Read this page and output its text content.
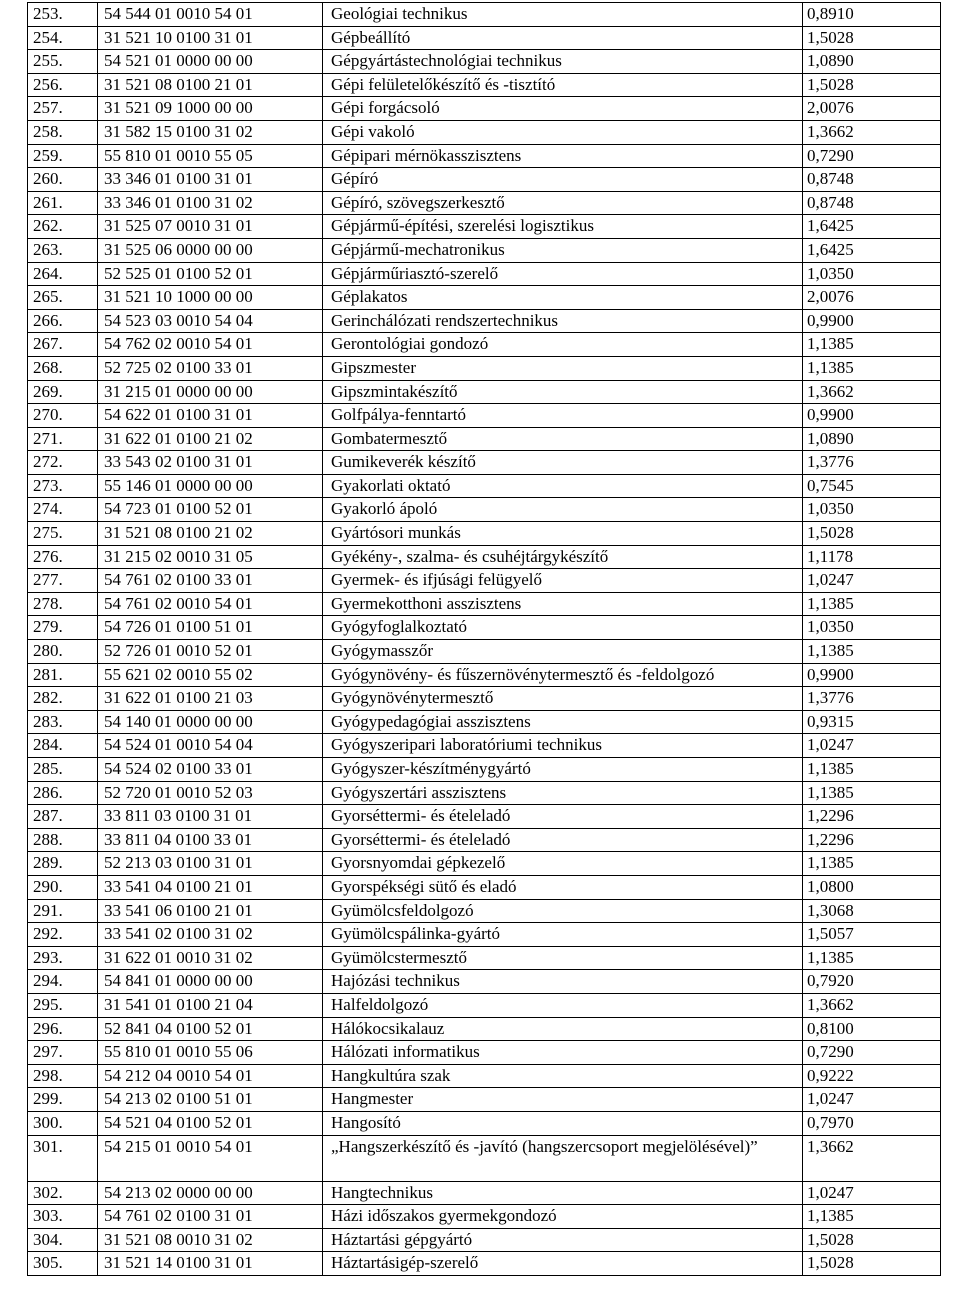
253.	54 544 01 0010 54 01	Geológiai technikus	0,8910
254.	31 521 10 0100 31 01	Gépbeállító	1,5028
255.	54 521 01 0000 00 00	Gépgyártástechnológiai technikus	1,0890
256.	31 521 08 0100 21 01	Gépi felületelőkészítő és -tisztító	1,5028
257.	31 521 09 1000 00 00	Gépi forgácsoló	2,0076
258.	31 582 15 0100 31 02	Gépi vakoló	1,3662
259.	55 810 01 0010 55 05	Gépipari mérnökasszisztens	0,7290
260.	33 346 01 0100 31 01	Gépíró	0,8748
261.	33 346 01 0100 31 02	Gépíró, szövegszerkesztő	0,8748
262.	31 525 07 0010 31 01	Gépjármű-építési, szerelési logisztikus	1,6425
263.	31 525 06 0000 00 00	Gépjármű-mechatronikus	1,6425
264.	52 525 01 0100 52 01	Gépjárműriasztó-szerelő	1,0350
265.	31 521 10 1000 00 00	Géplakatos	2,0076
266.	54 523 03 0010 54 04	Gerinchálózati rendszertechnikus	0,9900
267.	54 762 02 0010 54 01	Gerontológiai gondozó	1,1385
268.	52 725 02 0100 33 01	Gipszmester	1,1385
269.	31 215 01 0000 00 00	Gipszmintakészítő	1,3662
270.	54 622 01 0100 31 01	Golfpálya-fenntartó	0,9900
271.	31 622 01 0100 21 02	Gombatermesztő	1,0890
272.	33 543 02 0100 31 01	Gumikeverék készítő	1,3776
273.	55 146 01 0000 00 00	Gyakorlati oktató	0,7545
274.	54 723 01 0100 52 01	Gyakorló ápoló	1,0350
275.	31 521 08 0100 21 02	Gyártósori munkás	1,5028
276.	31 215 02 0010 31 05	Gyékény-, szalma- és csuhéjtárgykészítő	1,1178
277.	54 761 02 0100 33 01	Gyermek- és ifjúsági felügyelő	1,0247
278.	54 761 02 0010 54 01	Gyermekotthoni asszisztens	1,1385
279.	54 726 01 0100 51 01	Gyógyfoglalkoztató	1,0350
280.	52 726 01 0010 52 01	Gyógymasszőr	1,1385
281.	55 621 02 0010 55 02	Gyógynövény- és fűszernövénytermesztő és -feldolgozó	0,9900
282.	31 622 01 0100 21 03	Gyógynövénytermesztő	1,3776
283.	54 140 01 0000 00 00	Gyógypedagógiai asszisztens	0,9315
284.	54 524 01 0010 54 04	Gyógyszeripari laboratóriumi technikus	1,0247
285.	54 524 02 0100 33 01	Gyógyszer-készítménygyártó	1,1385
286.	52 720 01 0010 52 03	Gyógyszertári asszisztens	1,1385
287.	33 811 03 0100 31 01	Gyorséttermi- és ételeladó	1,2296
288.	33 811 04 0100 33 01	Gyorséttermi- és ételeladó	1,2296
289.	52 213 03 0100 31 01	Gyorsnyomdai gépkezelő	1,1385
290.	33 541 04 0100 21 01	Gyorspékségi sütő és eladó	1,0800
291.	33 541 06 0100 21 01	Gyümölcsfeldolgozó	1,3068
292.	33 541 02 0100 31 02	Gyümölcspálinka-gyártó	1,5057
293.	31 622 01 0010 31 02	Gyümölcstermesztő	1,1385
294.	54 841 01 0000 00 00	Hajózási technikus	0,7920
295.	31 541 01 0100 21 04	Halfeldolgozó	1,3662
296.	52 841 04 0100 52 01	Hálókocsikalauz	0,8100
297.	55 810 01 0010 55 06	Hálózati informatikus	0,7290
298.	54 212 04 0010 54 01	Hangkultúra szak	0,9222
299.	54 213 02 0100 51 01	Hangmester	1,0247
300.	54 521 04 0100 52 01	Hangosító	0,7970
301.	54 215 01 0010 54 01	„Hangszerkészítő és -javító (hangszercsoport megjelölésével)”	1,3662
302.	54 213 02 0000 00 00	Hangtechnikus	1,0247
303.	54 761 02 0100 31 01	Házi időszakos gyermekgondozó	1,1385
304.	31 521 08 0010 31 02	Háztartási gépgyártó	1,5028
305.	31 521 14 0100 31 01	Háztartásigép-szerelő	1,5028
